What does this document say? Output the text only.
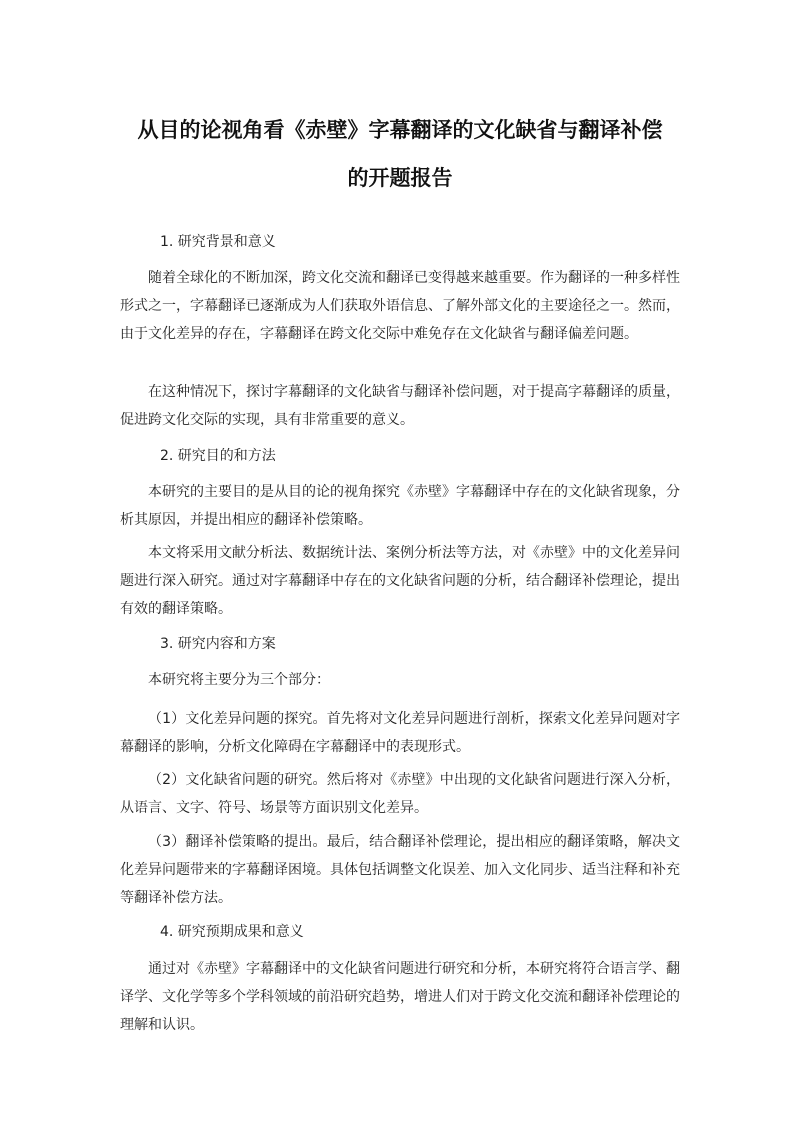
从目的论视角看《赤壁》字幕翻译的文化缺省与翻译补偿
的开题报告
1. 研究背景和意义

随着全球化的不断加深，跨文化交流和翻译已变得越来越重要。作为翻译的一种多样性形式之一，字幕翻译已逐渐成为人们获取外语信息、了解外部文化的主要途径之一。然而，由于文化差异的存在，字幕翻译在跨文化交际中难免存在文化缺省与翻译偏差问题。

在这种情况下，探讨字幕翻译的文化缺省与翻译补偿问题，对于提高字幕翻译的质量，促进跨文化交际的实现，具有非常重要的意义。

2. 研究目的和方法

本研究的主要目的是从目的论的视角探究《赤壁》字幕翻译中存在的文化缺省现象，分析其原因，并提出相应的翻译补偿策略。

本文将采用文献分析法、数据统计法、案例分析法等方法，对《赤壁》中的文化差异问题进行深入研究。通过对字幕翻译中存在的文化缺省问题的分析，结合翻译补偿理论，提出有效的翻译策略。

3. 研究内容和方案

本研究将主要分为三个部分：

（1）文化差异问题的探究。首先将对文化差异问题进行剖析，探索文化差异问题对字幕翻译的影响，分析文化障碍在字幕翻译中的表现形式。

（2）文化缺省问题的研究。然后将对《赤壁》中出现的文化缺省问题进行深入分析，从语言、文字、符号、场景等方面识别文化差异。

（3）翻译补偿策略的提出。最后，结合翻译补偿理论，提出相应的翻译策略，解决文化差异问题带来的字幕翻译困境。具体包括调整文化误差、加入文化同步、适当注释和补充等翻译补偿方法。

4. 研究预期成果和意义

通过对《赤壁》字幕翻译中的文化缺省问题进行研究和分析，本研究将符合语言学、翻译学、文化学等多个学科领域的前沿研究趋势，增进人们对于跨文化交流和翻译补偿理论的理解和认识。
